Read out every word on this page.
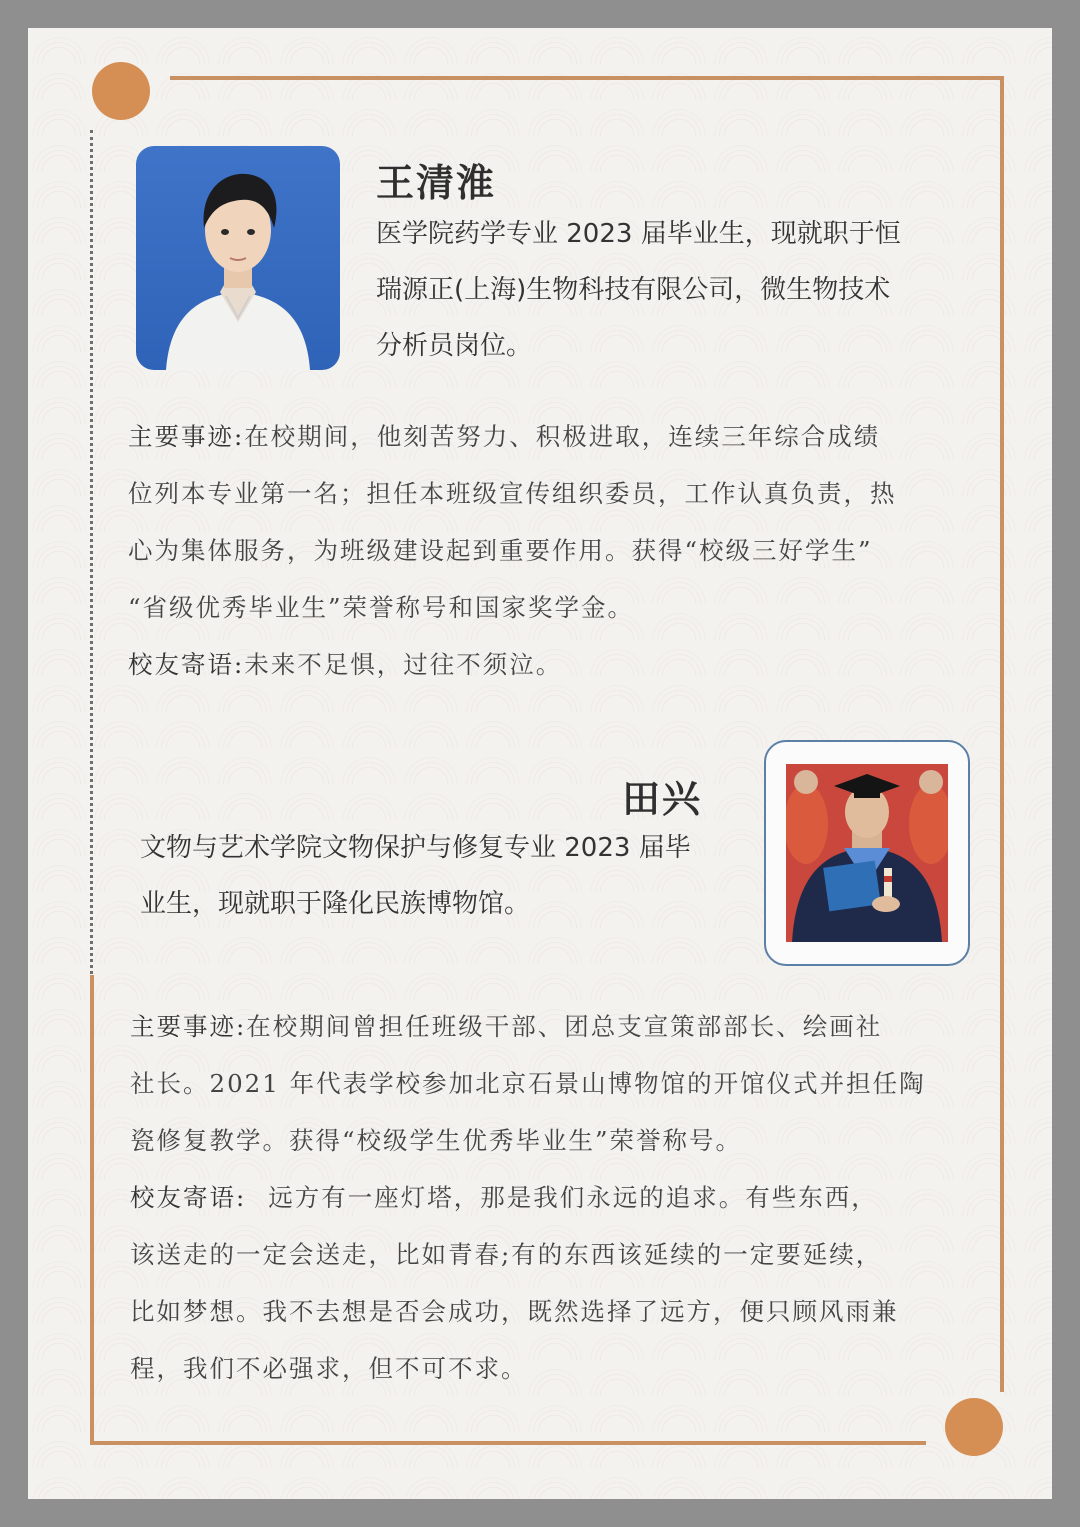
王清淮
医学院药学专业 2023 届毕业生，现就职于恒
瑞源正(上海)生物科技有限公司，微生物技术
分析员岗位。
主要事迹:在校期间，他刻苦努力、积极进取，连续三年综合成绩
位列本专业第一名；担任本班级宣传组织委员，工作认真负责，热
心为集体服务，为班级建设起到重要作用。获得“校级三好学生”
“省级优秀毕业生”荣誉称号和国家奖学金。
校友寄语:未来不足惧，过往不须泣。
田兴
文物与艺术学院文物保护与修复专业 2023 届毕
业生，现就职于隆化民族博物馆。
主要事迹:在校期间曾担任班级干部、团总支宣策部部长、绘画社
社长。2021 年代表学校参加北京石景山博物馆的开馆仪式并担任陶
瓷修复教学。获得“校级学生优秀毕业生”荣誉称号。
校友寄语: 远方有一座灯塔，那是我们永远的追求。有些东西，
该送走的一定会送走，比如青春;有的东西该延续的一定要延续，
比如梦想。我不去想是否会成功，既然选择了远方，便只顾风雨兼
程，我们不必强求，但不可不求。
